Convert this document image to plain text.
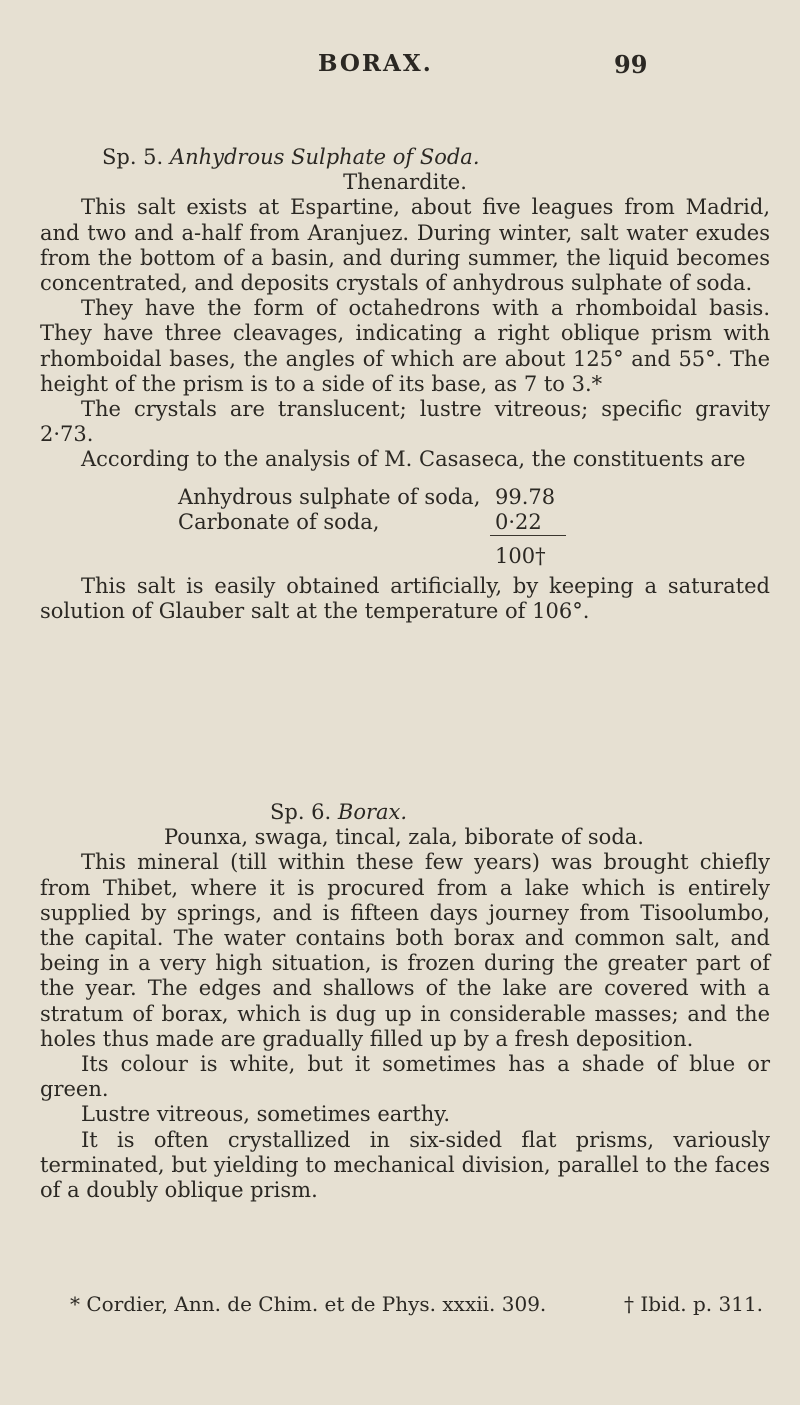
BORAX.	99

Sp. 5. Anhydrous Sulphate of Soda.

Thenardite.

This salt exists at Espartine, about five leagues from Madrid, and two and a-half from Aranjuez. During winter, salt water exudes from the bottom of a basin, and during summer, the liquid becomes concentrated, and deposits crystals of anhydrous sulphate of soda.

They have the form of octahedrons with a rhomboidal basis. They have three cleavages, indicating a right oblique prism with rhomboidal bases, the angles of which are about 125° and 55°. The height of the prism is to a side of its base, as 7 to 3.*

The crystals are translucent; lustre vitreous; specific gravity 2·73.

According to the analysis of M. Casaseca, the constituents are

Anhydrous sulphate of soda, 99.78
Carbonate of soda,	0·22
100†

This salt is easily obtained artificially, by keeping a saturated solution of Glauber salt at the temperature of 106°.

Sp. 6. Borax.

Pounxa, swaga, tincal, zala, biborate of soda.

This mineral (till within these few years) was brought chiefly from Thibet, where it is procured from a lake which is entirely supplied by springs, and is fifteen days journey from Tisoolumbo, the capital. The water contains both borax and common salt, and being in a very high situation, is frozen during the greater part of the year. The edges and shallows of the lake are covered with a stratum of borax, which is dug up in considerable masses; and the holes thus made are gradually filled up by a fresh deposition.

Its colour is white, but it sometimes has a shade of blue or green.

Lustre vitreous, sometimes earthy.

It is often crystallized in six-sided flat prisms, variously terminated, but yielding to mechanical division, parallel to the faces of a doubly oblique prism.

* Cordier, Ann. de Chim. et de Phys. xxxii. 309.	† Ibid. p. 311.
